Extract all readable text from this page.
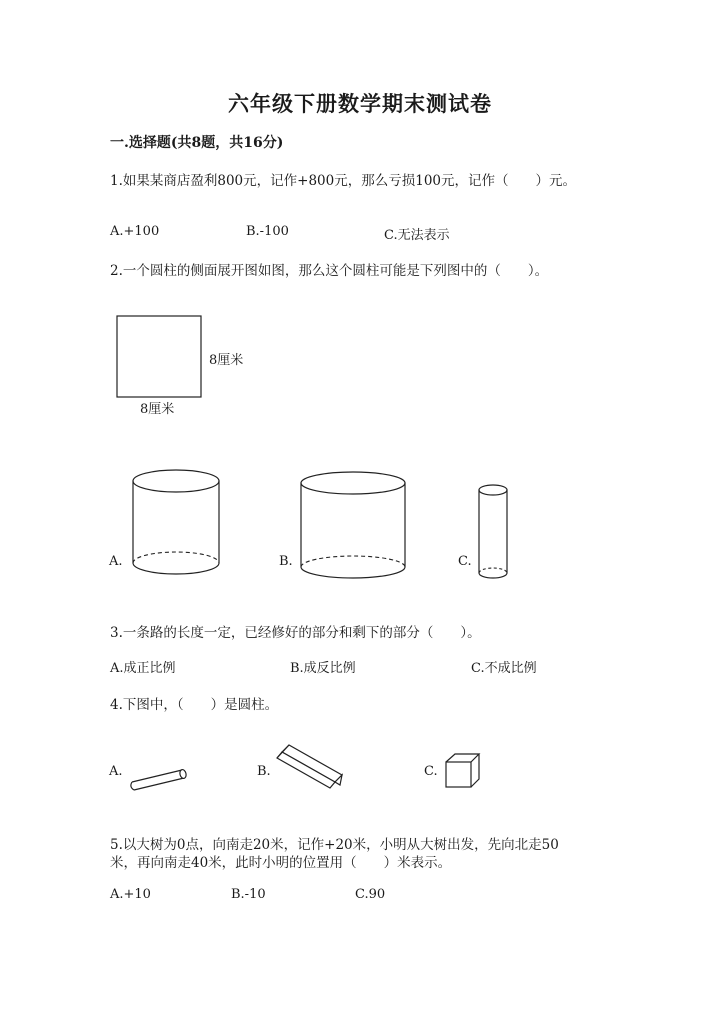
六年级下册数学期末测试卷
一.选择题(共8题，共16分)
1.如果某商店盈利800元，记作+800元，那么亏损100元，记作（　　）元。
A.+100	B.-100	C.无法表示
2.一个圆柱的侧面展开图如图，那么这个圆柱可能是下列图中的（　　）。
8厘米
8厘米
A.	B.	C.
A.	B.	C.
3.一条路的长度一定，已经修好的部分和剩下的部分（　　）。
A.成正比例	B.成反比例	C.不成比例
4.下图中，（　　）是圆柱。
5.以大树为0点，向南走20米，记作+20米，小明从大树出发，先向北走50
米，再向南走40米，此时小明的位置用（　　）米表示。
A.+10	B.-10	C.90
